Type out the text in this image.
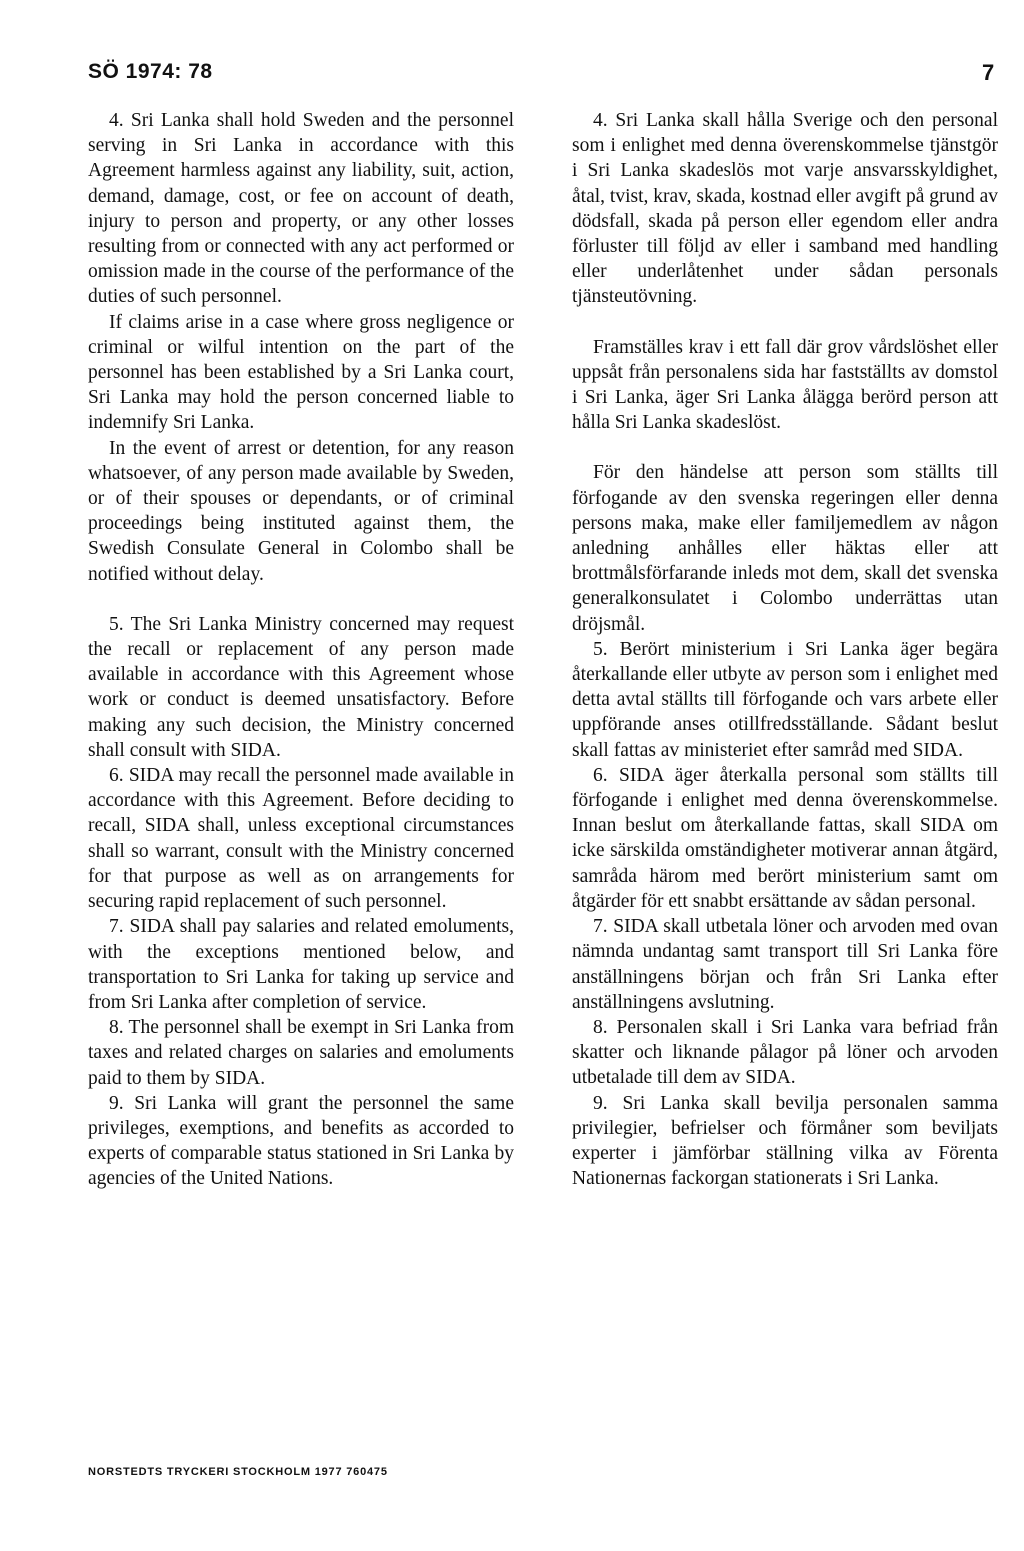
SÖ 1974: 78	7

4. Sri Lanka shall hold Sweden and the personnel serving in Sri Lanka in accordance with this Agreement harmless against any liability, suit, action, demand, damage, cost, or fee on account of death, injury to person and property, or any other losses resulting from or connected with any act performed or omission made in the course of the performance of the duties of such personnel.

If claims arise in a case where gross negligence or criminal or wilful intention on the part of the personnel has been established by a Sri Lanka court, Sri Lanka may hold the person concerned liable to indemnify Sri Lanka.

In the event of arrest or detention, for any reason whatsoever, of any person made available by Sweden, or of their spouses or dependants, or of criminal proceedings being instituted against them, the Swedish Consulate General in Colombo shall be notified without delay.

5. The Sri Lanka Ministry concerned may request the recall or replacement of any person made available in accordance with this Agreement whose work or conduct is deemed unsatisfactory. Before making any such decision, the Ministry concerned shall consult with SIDA.

6. SIDA may recall the personnel made available in accordance with this Agreement. Before deciding to recall, SIDA shall, unless exceptional circumstances shall so warrant, consult with the Ministry concerned for that purpose as well as on arrangements for securing rapid replacement of such personnel.

7. SIDA shall pay salaries and related emoluments, with the exceptions mentioned below, and transportation to Sri Lanka for taking up service and from Sri Lanka after completion of service.

8. The personnel shall be exempt in Sri Lanka from taxes and related charges on salaries and emoluments paid to them by SIDA.

9. Sri Lanka will grant the personnel the same privileges, exemptions, and benefits as accorded to experts of comparable status stationed in Sri Lanka by agencies of the United Nations.

4. Sri Lanka skall hålla Sverige och den personal som i enlighet med denna överenskommelse tjänstgör i Sri Lanka skadeslös mot varje ansvarsskyldighet, åtal, tvist, krav, skada, kostnad eller avgift på grund av dödsfall, skada på person eller egendom eller andra förluster till följd av eller i samband med handling eller underlåtenhet under sådan personals tjänsteutövning.

Framställes krav i ett fall där grov vårdslöshet eller uppsåt från personalens sida har fastställts av domstol i Sri Lanka, äger Sri Lanka ålägga berörd person att hålla Sri Lanka skadeslöst.

För den händelse att person som ställts till förfogande av den svenska regeringen eller denna persons maka, make eller familjemedlem av någon anledning anhålles eller häktas eller att brottmålsförfarande inleds mot dem, skall det svenska generalkonsulatet i Colombo underrättas utan dröjsmål.

5. Berört ministerium i Sri Lanka äger begära återkallande eller utbyte av person som i enlighet med detta avtal ställts till förfogande och vars arbete eller uppförande anses otillfredsställande. Sådant beslut skall fattas av ministeriet efter samråd med SIDA.

6. SIDA äger återkalla personal som ställts till förfogande i enlighet med denna överenskommelse. Innan beslut om återkallande fattas, skall SIDA om icke särskilda omständigheter motiverar annan åtgärd, samråda härom med berört ministerium samt om åtgärder för ett snabbt ersättande av sådan personal.

7. SIDA skall utbetala löner och arvoden med ovan nämnda undantag samt transport till Sri Lanka före anställningens början och från Sri Lanka efter anställningens avslutning.

8. Personalen skall i Sri Lanka vara befriad från skatter och liknande pålagor på löner och arvoden utbetalade till dem av SIDA.

9. Sri Lanka skall bevilja personalen samma privilegier, befrielser och förmåner som beviljats experter i jämförbar ställning vilka av Förenta Nationernas fackorgan stationerats i Sri Lanka.

NORSTEDTS TRYCKERI STOCKHOLM 1977 760475
